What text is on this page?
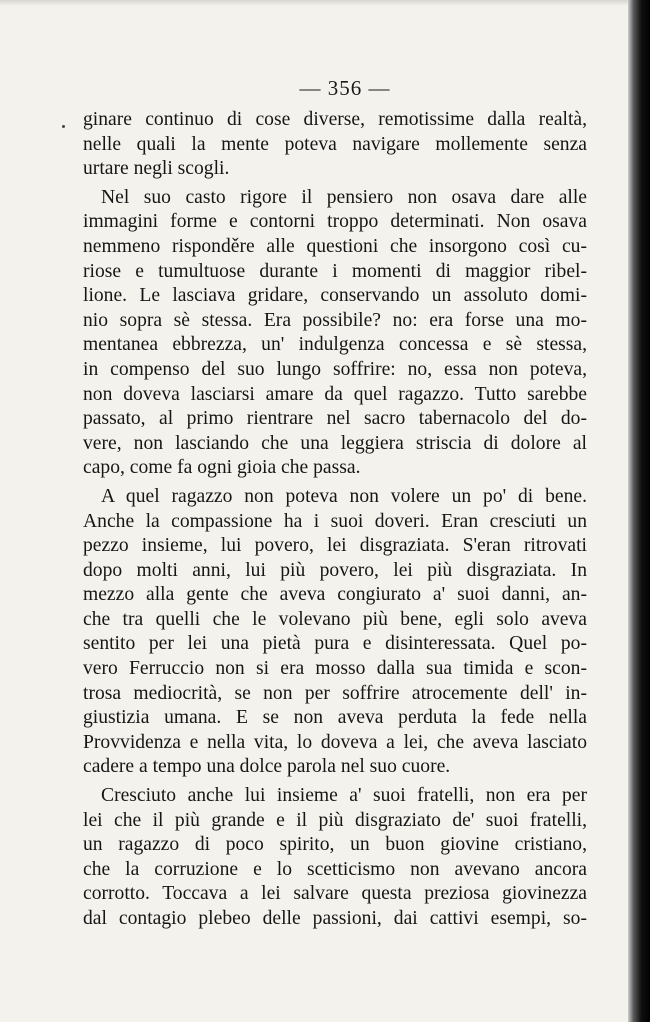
— 356 —
ginare continuo di cose diverse, remotissime dalla realtà,
nelle quali la mente poteva navigare mollemente senza
urtare negli scogli.
Nel suo casto rigore il pensiero non osava dare alle
immagini forme e contorni troppo determinati. Non osava
nemmeno risponděre alle questioni che insorgono così cu-
riose e tumultuose durante i momenti di maggior ribel-
lione. Le lasciava gridare, conservando un assoluto domi-
nio sopra sè stessa. Era possibile? no: era forse una mo-
mentanea ebbrezza, un' indulgenza concessa e sè stessa,
in compenso del suo lungo soffrire: no, essa non poteva,
non doveva lasciarsi amare da quel ragazzo. Tutto sarebbe
passato, al primo rientrare nel sacro tabernacolo del do-
vere, non lasciando che una leggiera striscia di dolore al
capo, come fa ogni gioia che passa.
A quel ragazzo non poteva non volere un po' di bene.
Anche la compassione ha i suoi doveri. Eran cresciuti un
pezzo insieme, lui povero, lei disgraziata. S'eran ritrovati
dopo molti anni, lui più povero, lei più disgraziata. In
mezzo alla gente che aveva congiurato a' suoi danni, an-
che tra quelli che le volevano più bene, egli solo aveva
sentito per lei una pietà pura e disinteressata. Quel po-
vero Ferruccio non si era mosso dalla sua timida e scon-
trosa mediocrità, se non per soffrire atrocemente dell' in-
giustizia umana. E se non aveva perduta la fede nella
Provvidenza e nella vita, lo doveva a lei, che aveva lasciato
cadere a tempo una dolce parola nel suo cuore.
Cresciuto anche lui insieme a' suoi fratelli, non era per
lei che il più grande e il più disgraziato de' suoi fratelli,
un ragazzo di poco spirito, un buon giovine cristiano,
che la corruzione e lo scetticismo non avevano ancora
corrotto. Toccava a lei salvare questa preziosa giovinezza
dal contagio plebeo delle passioni, dai cattivi esempi, so-
